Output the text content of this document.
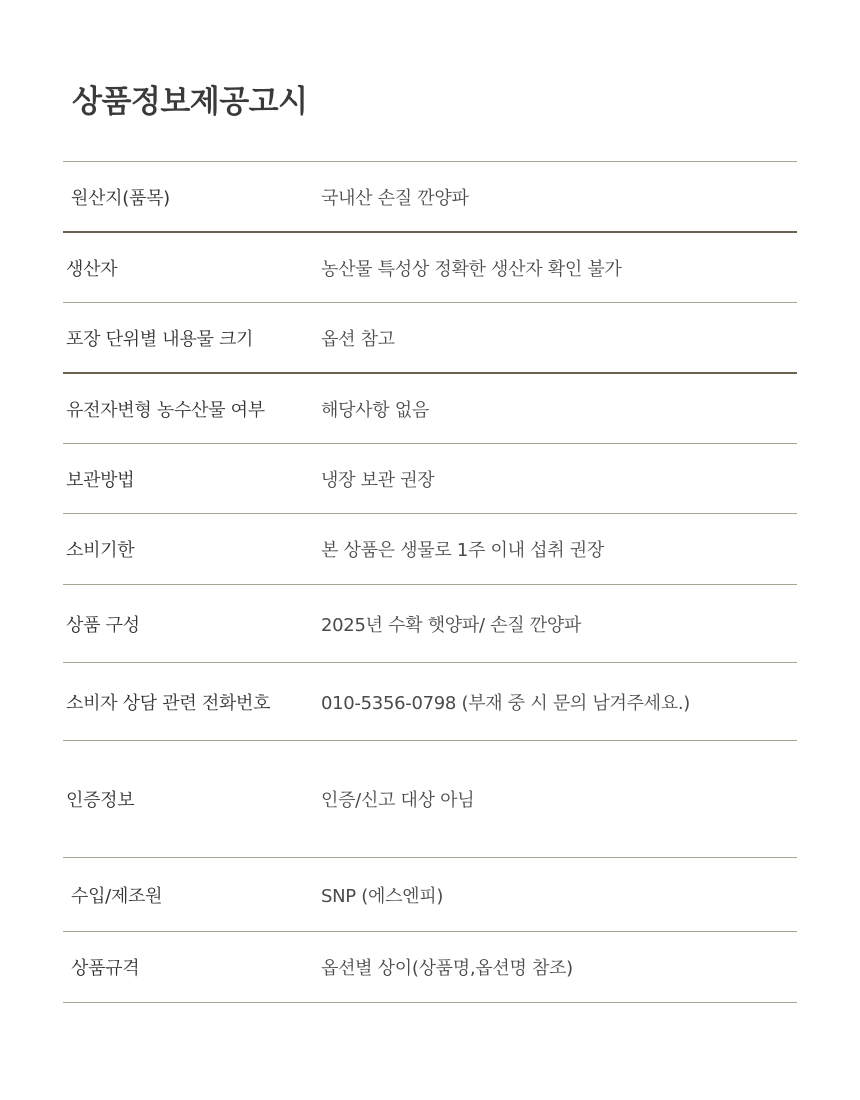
상품정보제공고시
원산지(품목)	국내산 손질 깐양파
생산자	농산물 특성상 정확한 생산자 확인 불가
포장 단위별 내용물 크기	옵션 참고
유전자변형 농수산물 여부	해당사항 없음
보관방법	냉장 보관 권장
소비기한	본 상품은 생물로 1주 이내 섭취 권장
상품 구성	2025년 수확 햇양파/ 손질 깐양파
소비자 상담 관련 전화번호	010-5356-0798 (부재 중 시 문의 남겨주세요.)
인증정보	인증/신고 대상 아님
수입/제조원	SNP (에스엔피)
상품규격	옵션별 상이(상품명,옵션명 참조)
